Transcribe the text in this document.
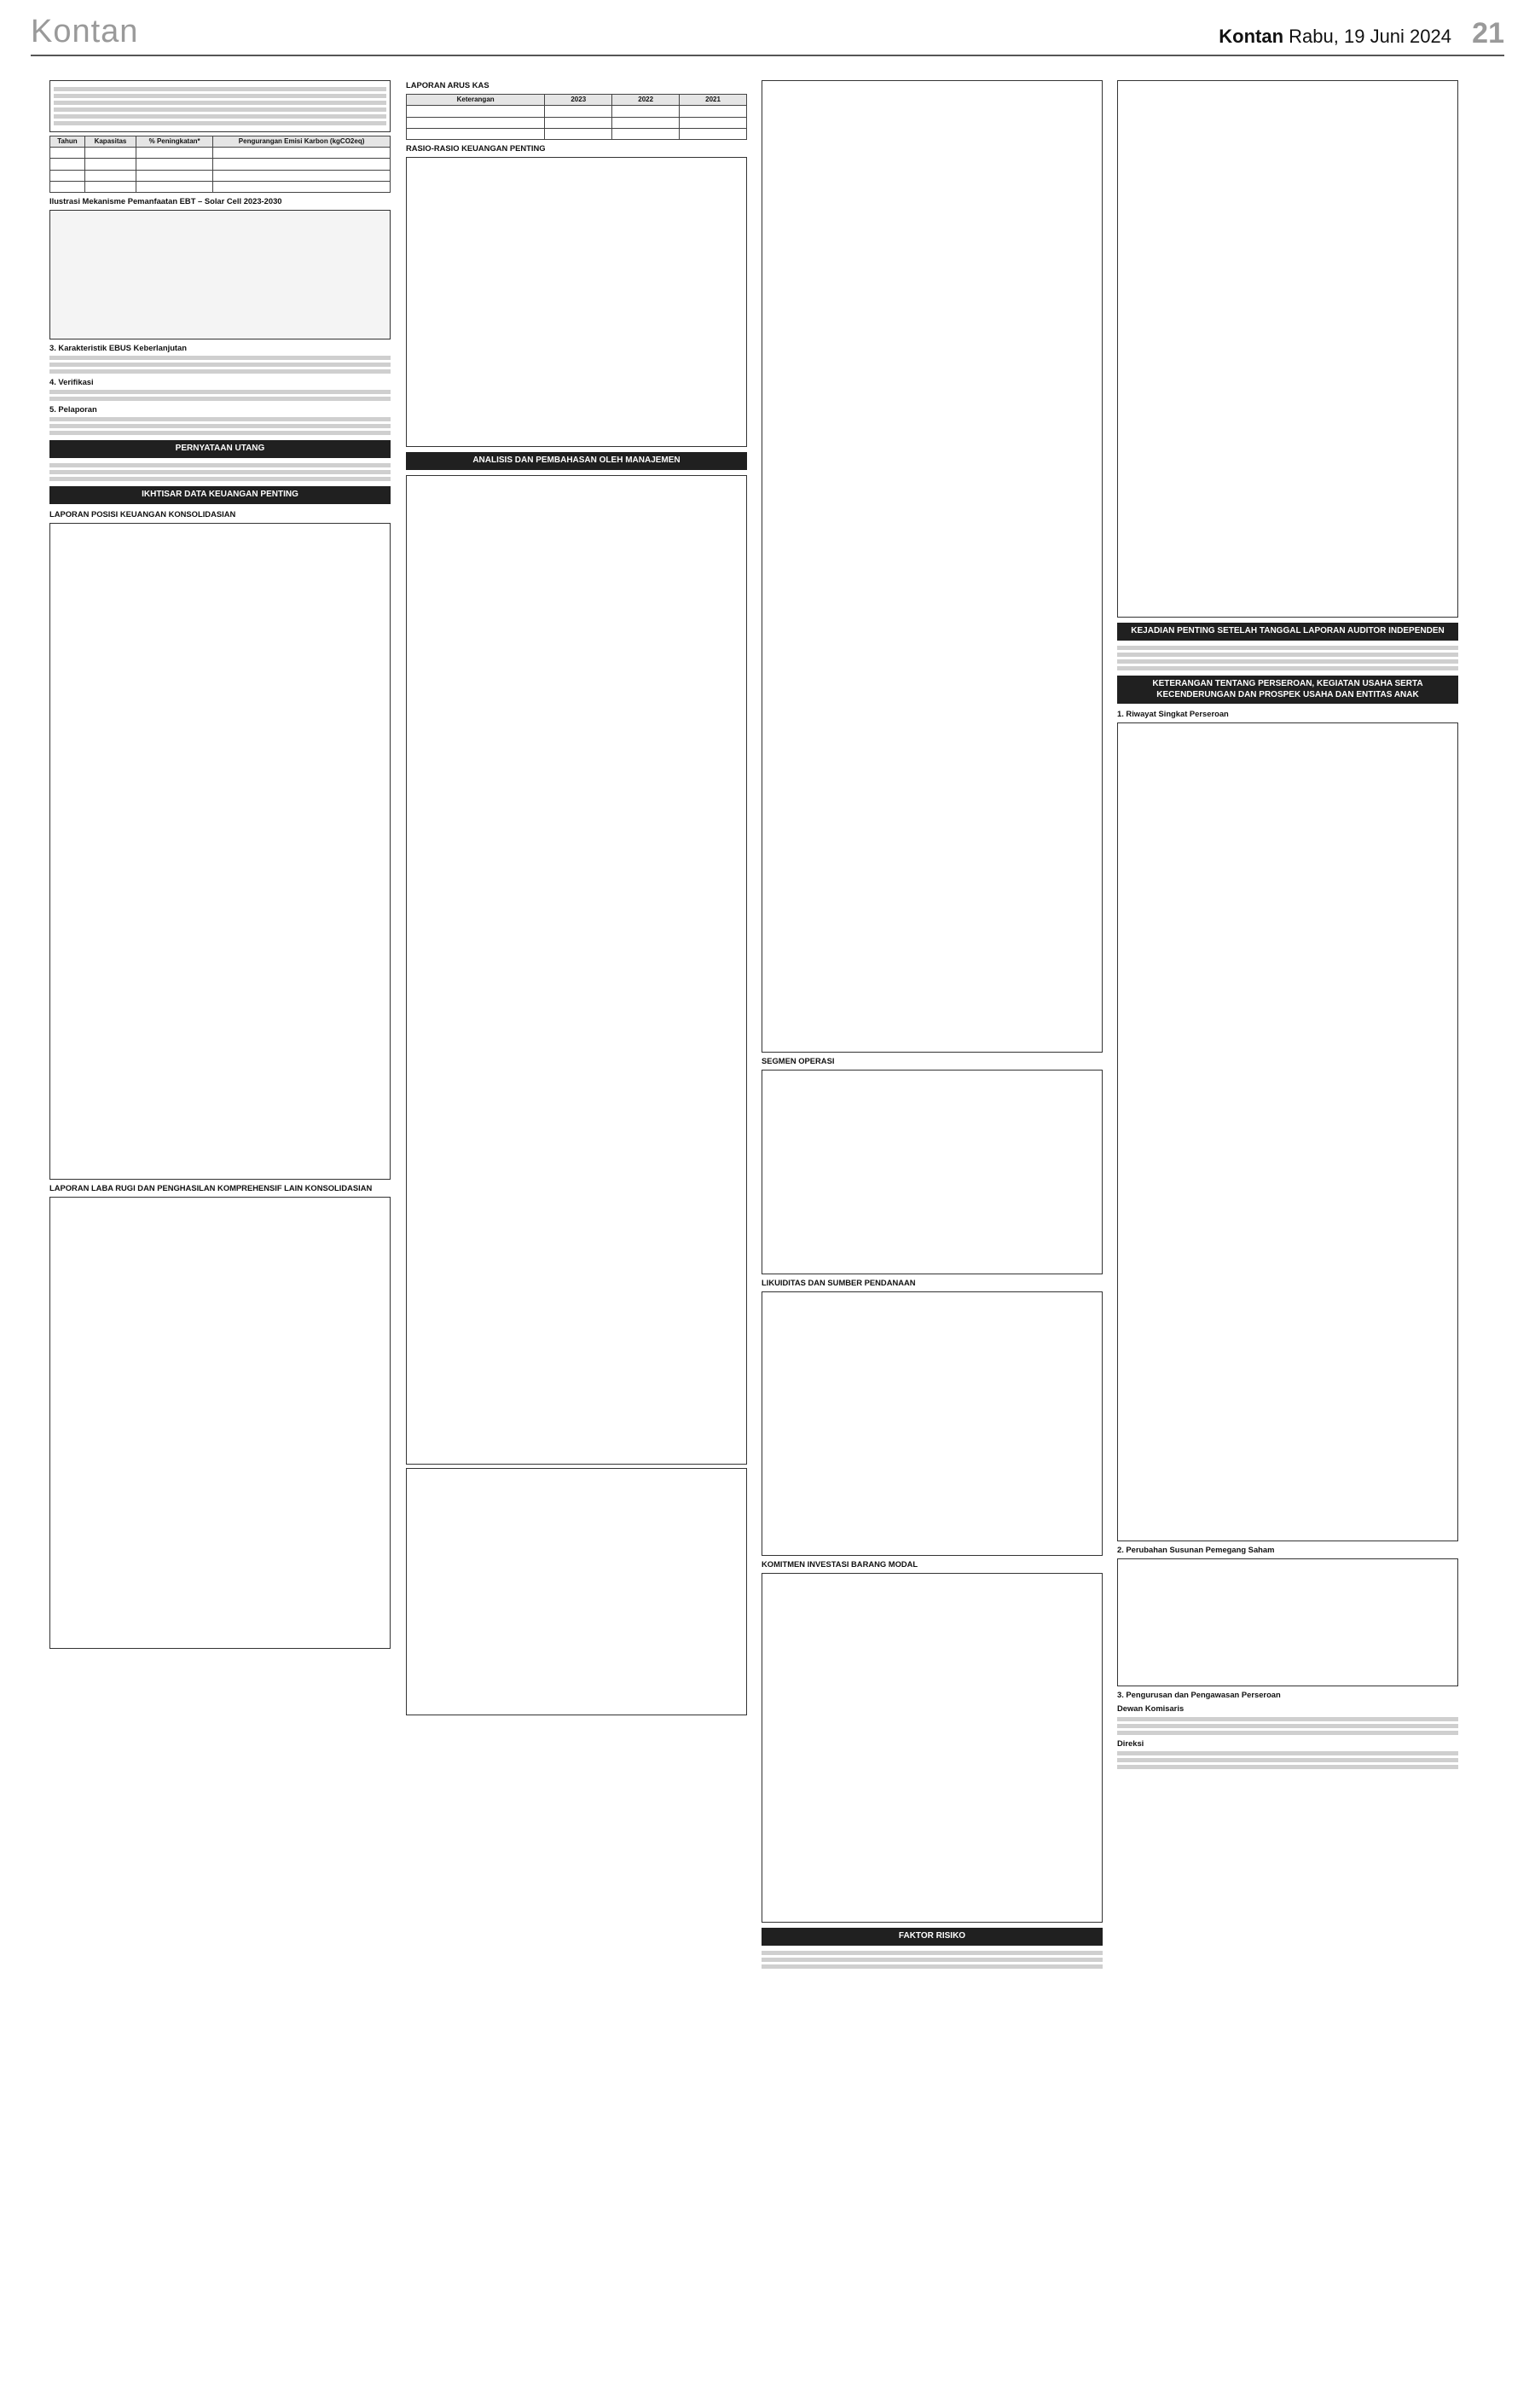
Kontan	Kontan Rabu, 19 Juni 2024 21
Tahun	Kapasitas	% Peningkatan*	Pengurangan Emisi Karbon (kgCO2eq)

Ilustrasi Mekanisme Pemanfaatan EBT – Solar Cell 2023-2030
3. Karakteristik EBUS Keberlanjutan
4. Verifikasi
5. Pelaporan
PERNYATAAN UTANG
IKHTISAR DATA KEUANGAN PENTING
LAPORAN POSISI KEUANGAN KONSOLIDASIAN
LAPORAN LABA RUGI DAN PENGHASILAN KOMPREHENSIF LAIN KONSOLIDASIAN
LAPORAN ARUS KAS
Keterangan	2023	2022	2021

RASIO-RASIO KEUANGAN PENTING
ANALISIS DAN PEMBAHASAN OLEH MANAJEMEN
SEGMEN OPERASI
LIKUIDITAS DAN SUMBER PENDANAAN
KOMITMEN INVESTASI BARANG MODAL
FAKTOR RISIKO
KEJADIAN PENTING SETELAH TANGGAL LAPORAN AUDITOR INDEPENDEN
KETERANGAN TENTANG PERSEROAN, KEGIATAN USAHA SERTA KECENDERUNGAN DAN PROSPEK USAHA DAN ENTITAS ANAK
1. Riwayat Singkat Perseroan
2. Perubahan Susunan Pemegang Saham
3. Pengurusan dan Pengawasan Perseroan
Dewan Komisaris
Direksi
